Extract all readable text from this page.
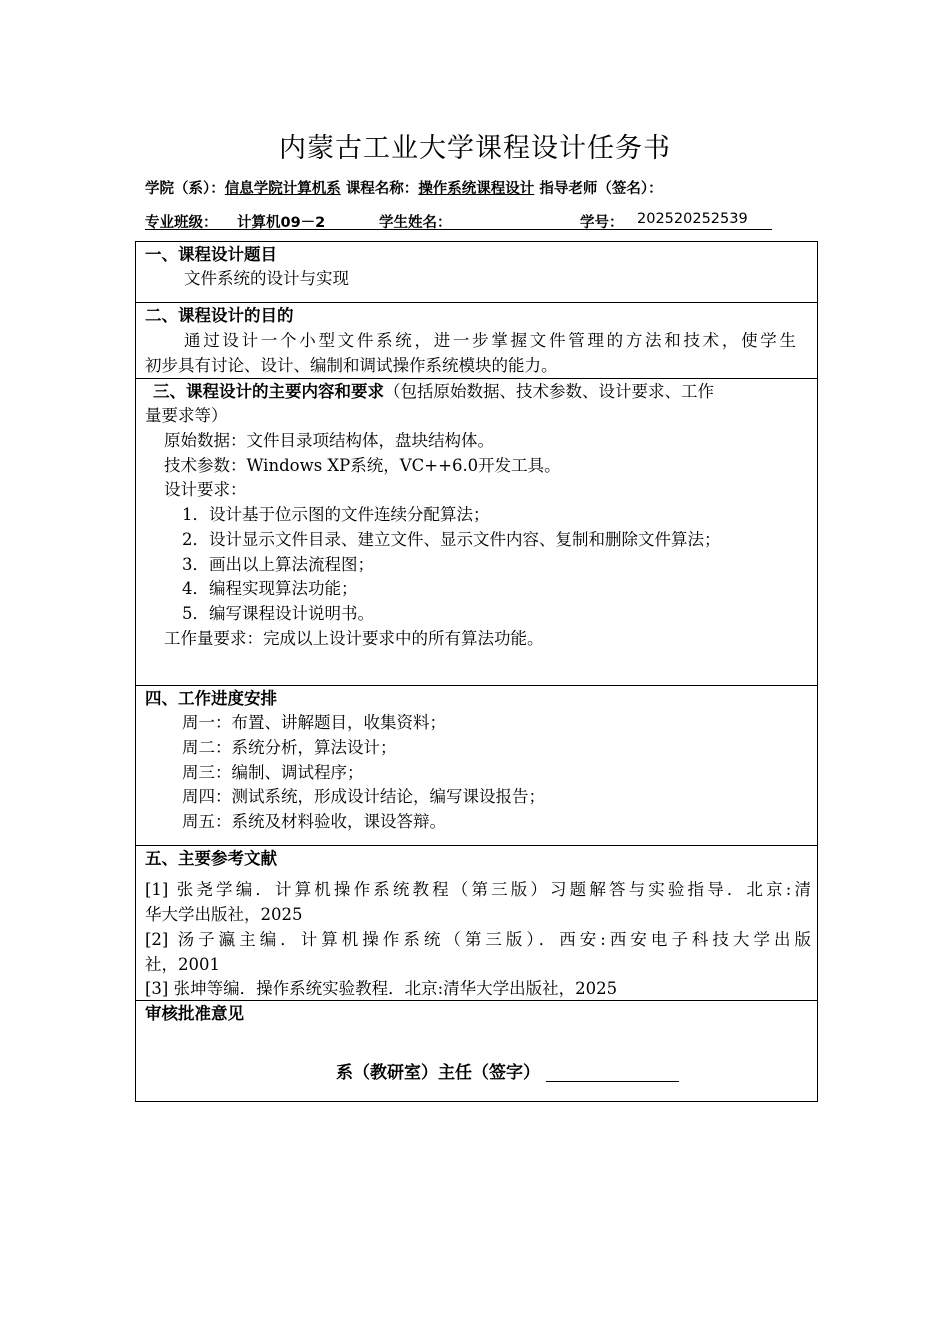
内蒙古工业大学课程设计任务书
学院（系）：信息学院计算机系 课程名称：操作系统课程设计 指导老师（签名）：
专业班级： 计算机09－2	学生姓名：	学号： 202520252539
一、课程设计题目
文件系统的设计与实现
二、课程设计的目的
通过设计一个小型文件系统，进一步掌握文件管理的方法和技术，使学生
初步具有讨论、设计、编制和调试操作系统模块的能力。
三、课程设计的主要内容和要求（包括原始数据、技术参数、设计要求、工作
量要求等）
原始数据：文件目录项结构体，盘块结构体。
技术参数：Windows XP系统，VC++6.0开发工具。
设计要求：
1．设计基于位示图的文件连续分配算法；
2．设计显示文件目录、建立文件、显示文件内容、复制和删除文件算法；
3．画出以上算法流程图；
4．编程实现算法功能；
5．编写课程设计说明书。
工作量要求：完成以上设计要求中的所有算法功能。
四、工作进度安排
周一：布置、讲解题目，收集资料；
周二：系统分析，算法设计；
周三：编制、调试程序；
周四：测试系统，形成设计结论，编写课设报告；
周五：系统及材料验收，课设答辩。
五、主要参考文献
[1] 张尧学编．计算机操作系统教程（第三版）习题解答与实验指导．北京:清
华大学出版社，2025
[2] 汤子瀛主编．计算机操作系统（第三版）．西安:西安电子科技大学出版
社，2001
[3] 张坤等编．操作系统实验教程．北京:清华大学出版社，2025
审核批准意见
系（教研室）主任（签字）
